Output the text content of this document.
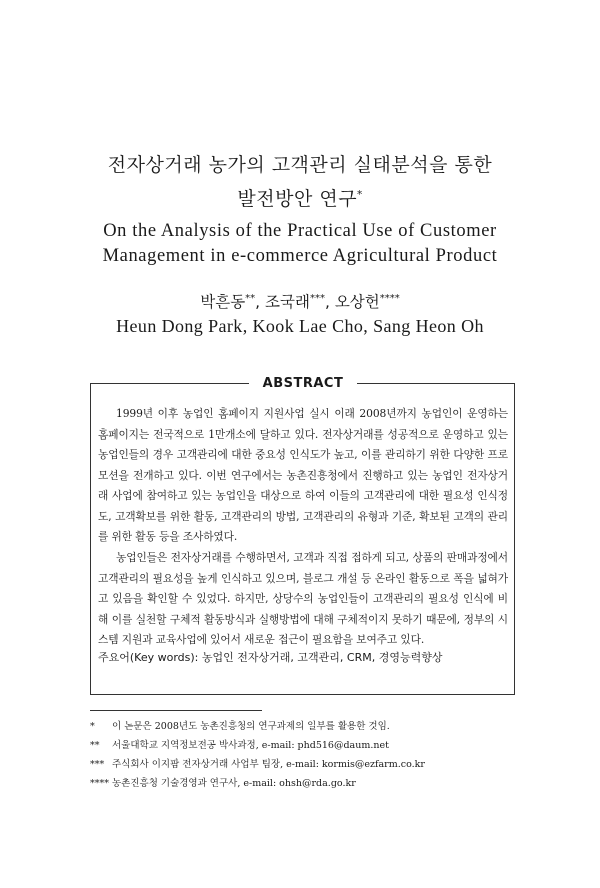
전자상거래 농가의 고객관리 실태분석을 통한
발전방안 연구*
On the Analysis of the Practical Use of Customer
Management in e-commerce Agricultural Product
박흔동**, 조국래***, 오상헌****
Heun Dong Park, Kook Lae Cho, Sang Heon Oh
ABSTRACT

1999년 이후 농업인 홈페이지 지원사업 실시 이래 2008년까지 농업인이 운영하는 홈페이지는 전국적으로 1만개소에 달하고 있다. 전자상거래를 성공적으로 운영하고 있는 농업인들의 경우 고객관리에 대한 중요성 인식도가 높고, 이를 관리하기 위한 다양한 프로모션을 전개하고 있다. 이번 연구에서는 농촌진흥청에서 진행하고 있는 농업인 전자상거래 사업에 참여하고 있는 농업인을 대상으로 하여 이들의 고객관리에 대한 필요성 인식정도, 고객확보를 위한 활동, 고객관리의 방법, 고객관리의 유형과 기준, 확보된 고객의 관리를 위한 활동 등을 조사하였다.

농업인들은 전자상거래를 수행하면서, 고객과 직접 접하게 되고, 상품의 판매과정에서 고객관리의 필요성을 높게 인식하고 있으며, 블로그 개설 등 온라인 활동으로 폭을 넓혀가고 있음을 확인할 수 있었다. 하지만, 상당수의 농업인들이 고객관리의 필요성 인식에 비해 이를 실천할 구체적 활동방식과 실행방법에 대해 구체적이지 못하기 때문에, 정부의 시스템 지원과 교육사업에 있어서 새로운 접근이 필요함을 보여주고 있다.

주요어(Key words): 농업인 전자상거래, 고객관리, CRM, 경영능력향상
* 이 논문은 2008년도 농촌진흥청의 연구과제의 일부를 활용한 것임.
** 서울대학교 지역정보전공 박사과정, e-mail: phd516@daum.net
*** 주식회사 이지팜 전자상거래 사업부 팀장, e-mail: kormis@ezfarm.co.kr
**** 농촌진흥청 기술경영과 연구사, e-mail: ohsh@rda.go.kr
